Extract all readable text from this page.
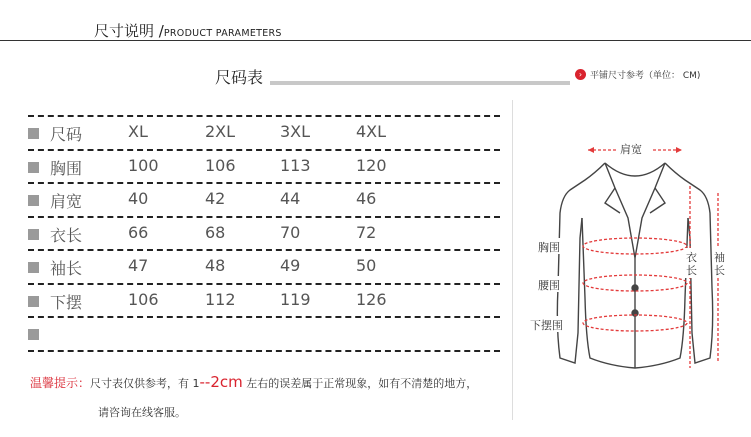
尺寸说明 /PRODUCT PARAMETERS
尺码表	› 平铺尺寸参考（单位： CM)
尺码	XL	2XL	3XL	4XL
胸围	100	106	113	120
肩宽	40	42	44	46
衣长	66	68	70	72
袖长	47	48	49	50
下摆	106	112	119	126
温馨提示：尺寸表仅供参考，有 1--2cm 左右的误差属于正常现象，如有不清楚的地方，
请咨询在线客服。
肩宽
胸围
腰围
下摆围
衣长
袖长
